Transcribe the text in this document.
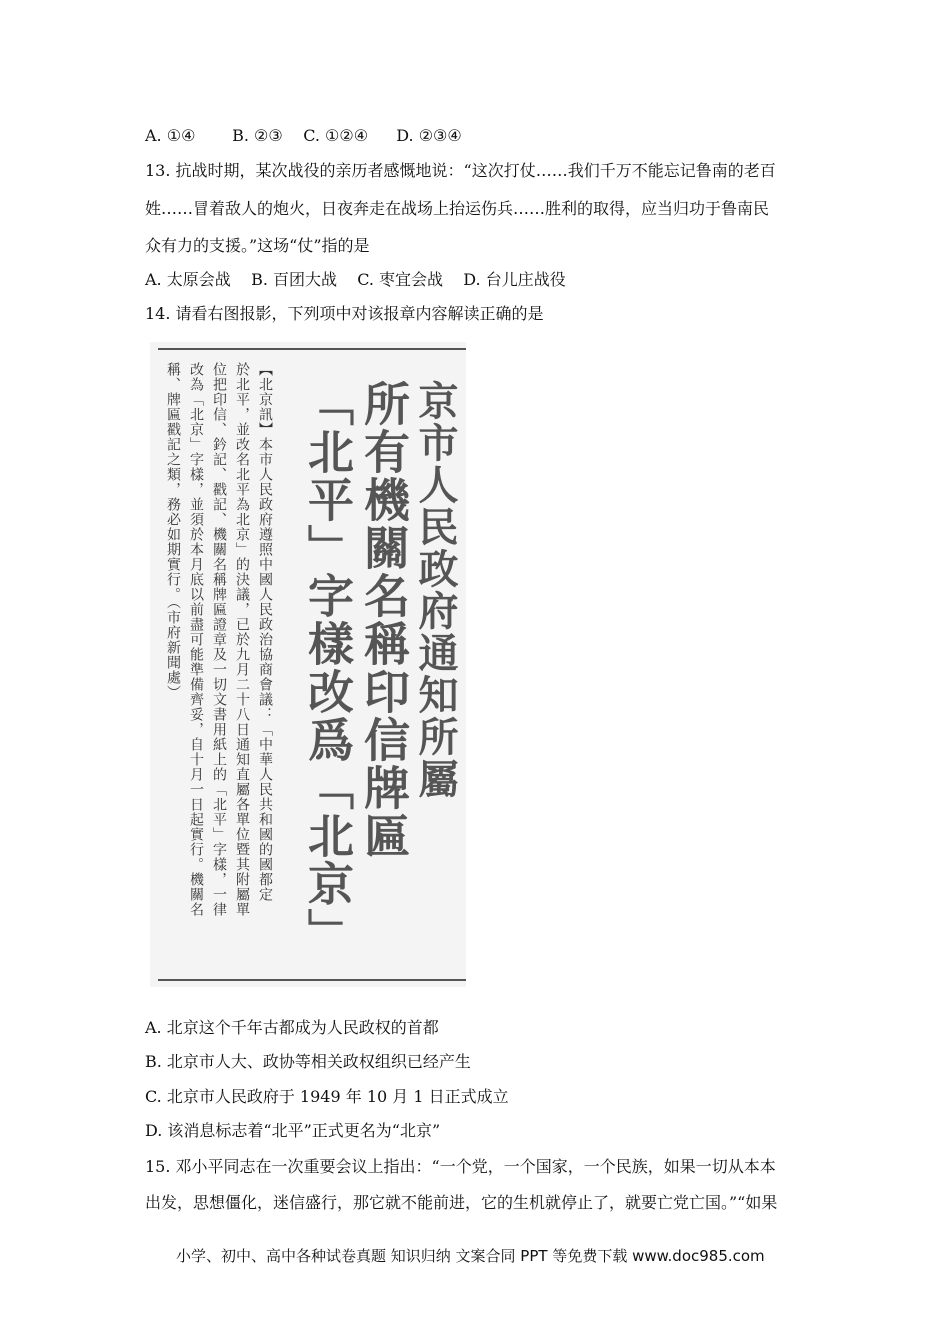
A. ①④ B. ②③ C. ①②④ D. ②③④
13. 抗战时期，某次战役的亲历者感慨地说：“这次打仗……我们千万不能忘记鲁南的老百
姓……冒着敌人的炮火，日夜奔走在战场上抬运伤兵……胜利的取得，应当归功于鲁南民
众有力的支援。”这场“仗”指的是
A. 太原会战 B. 百团大战 C. 枣宜会战 D. 台儿庄战役
14. 请看右图报影，下列项中对该报章内容解读正确的是
京市人民政府通知所屬
所有機關名稱印信牌匾
「北平」字樣改爲「北京」
【北京訊】本市人民政府遵照中國人民政治協商會議：「中華人民共和國的國都定
於北平，並改名北平為北京」的決議，已於九月二十八日通知直屬各單位暨其附屬單
位把印信、鈐記、戳記、機關名稱牌匾證章及一切文書用紙上的「北平」字樣，一律
改為「北京」字樣，並須於本月底以前盡可能準備齊妥，自十月一日起實行。機關名
稱、牌匾戳記之類，務必如期實行。（市府新聞處）
A. 北京这个千年古都成为人民政权的首都
B. 北京市人大、政协等相关政权组织已经产生
C. 北京市人民政府于 1949 年 10 月 1 日正式成立
D. 该消息标志着“北平”正式更名为“北京”
15. 邓小平同志在一次重要会议上指出：“一个党，一个国家，一个民族，如果一切从本本
出发，思想僵化，迷信盛行，那它就不能前进，它的生机就停止了，就要亡党亡国。”“如果
小学、初中、高中各种试卷真题 知识归纳 文案合同 PPT 等免费下载 www.doc985.com
